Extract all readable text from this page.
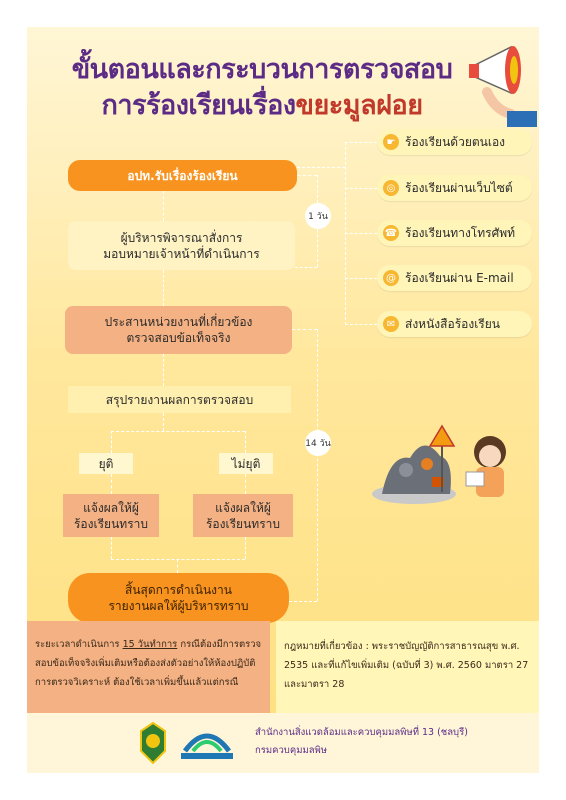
ขั้นตอนและกระบวนการตรวจสอบ
การร้องเรียนเรื่องขยะมูลฝอย
1 วัน
14 วัน
อปท.รับเรื่องร้องเรียน
ผู้บริหารพิจารณาสั่งการ
มอบหมายเจ้าหน้าที่ดำเนินการ
ประสานหน่วยงานที่เกี่ยวข้อง
ตรวจสอบข้อเท็จจริง
สรุปรายงานผลการตรวจสอบ
ยุติ	ไม่ยุติ
แจ้งผลให้ผู้
ร้องเรียนทราบ
แจ้งผลให้ผู้
ร้องเรียนทราบ
สิ้นสุดการดำเนินงาน
รายงานผลให้ผู้บริหารทราบ
☛ ร้องเรียนด้วยตนเอง
◎ ร้องเรียนผ่านเว็บไซต์
☎ ร้องเรียนทางโทรศัพท์
@ ร้องเรียนผ่าน E-mail
✉ ส่งหนังสือร้องเรียน
ระยะเวลาดำเนินการ 15 วันทำการ กรณีต้องมีการตรวจสอบข้อเท็จจริงเพิ่มเติมหรือต้องส่งตัวอย่างให้ห้องปฏิบัติการตรวจวิเคราะห์ ต้องใช้เวลาเพิ่มขึ้นแล้วแต่กรณี
กฎหมายที่เกี่ยวข้อง : พระราชบัญญัติการสาธารณสุข พ.ศ. 2535 และที่แก้ไขเพิ่มเติม (ฉบับที่ 3) พ.ศ. 2560 มาตรา 27 และมาตรา 28
สำนักงานสิ่งแวดล้อมและควบคุมมลพิษที่ 13 (ชลบุรี)
กรมควบคุมมลพิษ
